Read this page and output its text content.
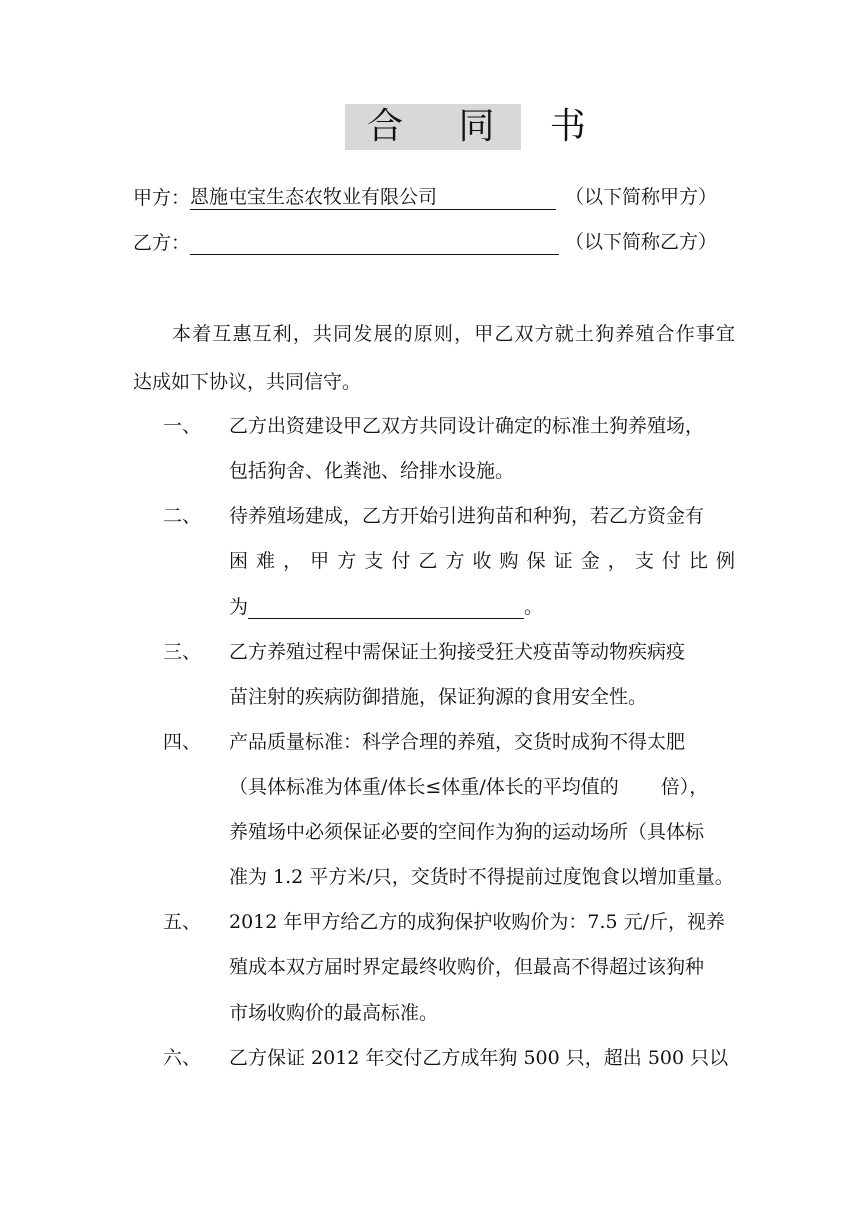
合 同 书
甲方：恩施屯宝生态农牧业有限公司	（以下简称甲方）
乙方：	（以下简称乙方）
本着互惠互利，共同发展的原则，甲乙双方就土狗养殖合作事宜
达成如下协议，共同信守。
一、 乙方出资建设甲乙双方共同设计确定的标准土狗养殖场，
包括狗舍、化粪池、给排水设施。
二、 待养殖场建成，乙方开始引进狗苗和种狗，若乙方资金有
困难，甲方支付乙方收购保证金，支付比例
为	。
三、 乙方养殖过程中需保证土狗接受狂犬疫苗等动物疾病疫
苗注射的疾病防御措施，保证狗源的食用安全性。
四、 产品质量标准：科学合理的养殖，交货时成狗不得太肥
（具体标准为体重/体长≤体重/体长的平均值的 倍），
养殖场中必须保证必要的空间作为狗的运动场所（具体标
准为 1.2 平方米/只，交货时不得提前过度饱食以增加重量。
五、 2012 年甲方给乙方的成狗保护收购价为：7.5 元/斤，视养
殖成本双方届时界定最终收购价，但最高不得超过该狗种
市场收购价的最高标准。
六、 乙方保证 2012 年交付乙方成年狗 500 只，超出 500 只以
